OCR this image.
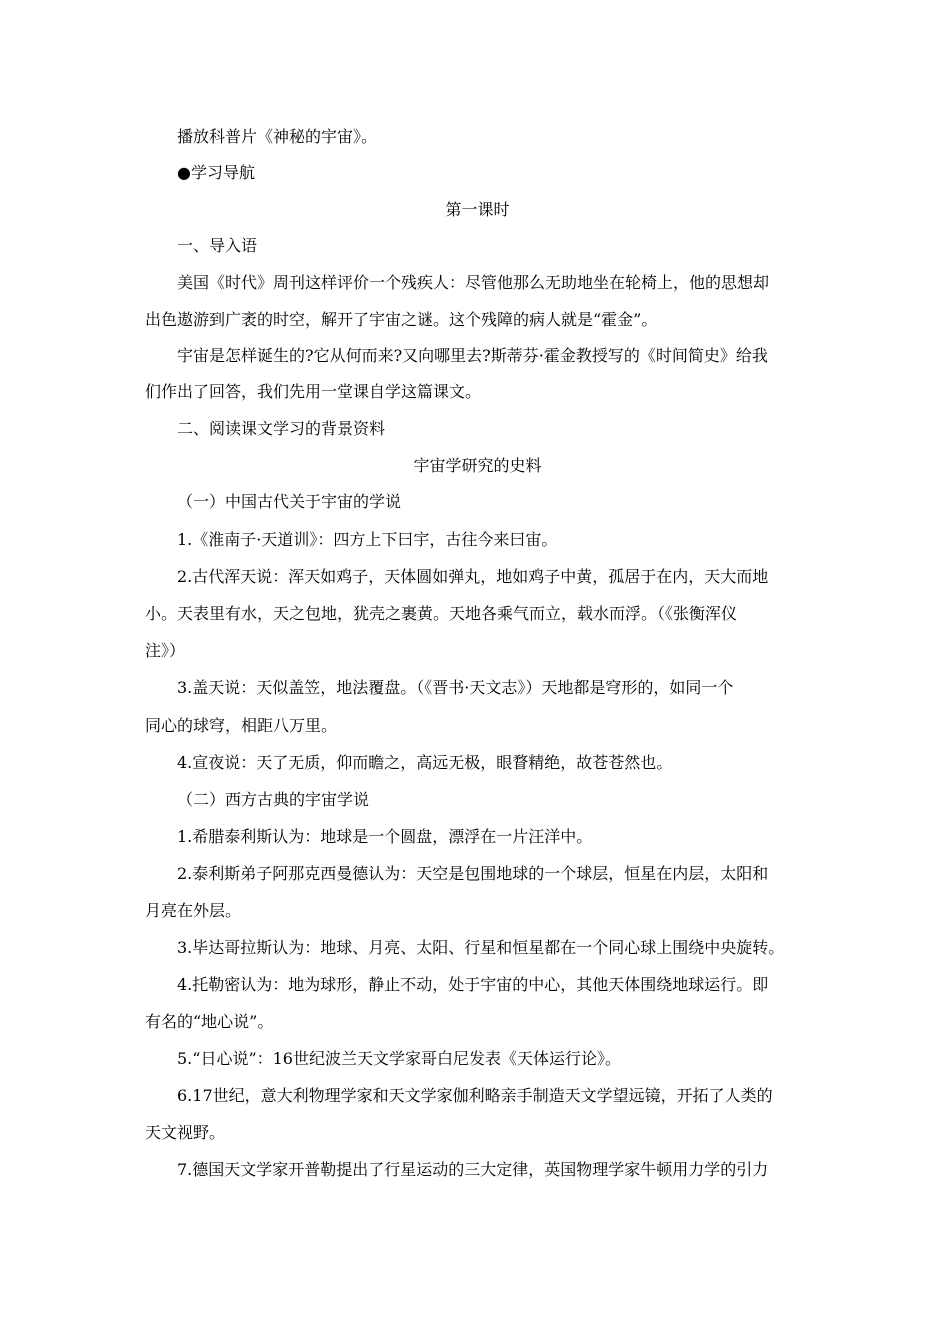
播放科普片《神秘的宇宙》。
●学习导航
第一课时
一、导入语
美国《时代》周刊这样评价一个残疾人：尽管他那么无助地坐在轮椅上，他的思想却
出色遨游到广袤的时空，解开了宇宙之谜。这个残障的病人就是“霍金”。
宇宙是怎样诞生的?它从何而来?又向哪里去?斯蒂芬·霍金教授写的《时间简史》给我
们作出了回答，我们先用一堂课自学这篇课文。
二、阅读课文学习的背景资料
宇宙学研究的史料
（一）中国古代关于宇宙的学说
1.《淮南子·天道训》：四方上下曰宇，古往今来曰宙。
2.古代浑天说：浑天如鸡子，天体圆如弹丸，地如鸡子中黄，孤居于在内，天大而地
小。天表里有水，天之包地，犹壳之裹黄。天地各乘气而立，载水而浮。（《张衡浑仪
注》）
3.盖天说：天似盖笠，地法覆盘。（《晋书·天文志》）天地都是穹形的，如同一个
同心的球穹，相距八万里。
4.宣夜说：天了无质，仰而瞻之，高远无极，眼瞀精绝，故苍苍然也。
（二）西方古典的宇宙学说
1.希腊泰利斯认为：地球是一个圆盘，漂浮在一片汪洋中。
2.泰利斯弟子阿那克西曼德认为：天空是包围地球的一个球层，恒星在内层，太阳和
月亮在外层。
3.毕达哥拉斯认为：地球、月亮、太阳、行星和恒星都在一个同心球上围绕中央旋转。
4.托勒密认为：地为球形，静止不动，处于宇宙的中心，其他天体围绕地球运行。即
有名的“地心说”。
5.“日心说”：16世纪波兰天文学家哥白尼发表《天体运行论》。
6.17世纪，意大利物理学家和天文学家伽利略亲手制造天文学望远镜，开拓了人类的
天文视野。
7.德国天文学家开普勒提出了行星运动的三大定律，英国物理学家牛顿用力学的引力
